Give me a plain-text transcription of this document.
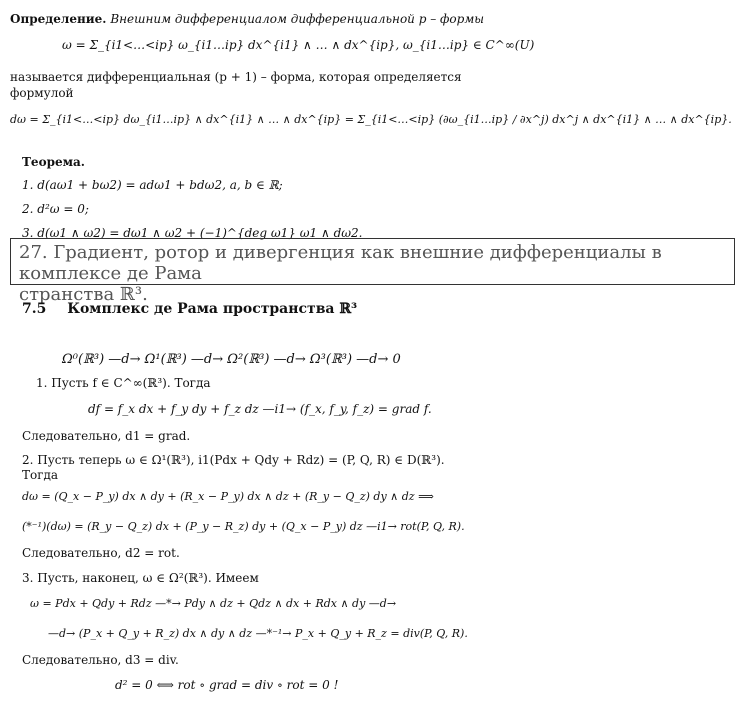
Определение. Внешним дифференциалом дифференциальной p – формы
ω = Σ_{i1<…<ip} ω_{i1…ip} dx^{i1} ∧ … ∧ dx^{ip}, ω_{i1…ip} ∈ C^∞(U)
называется дифференциальная (p + 1) – форма, которая определяется
формулой
dω = Σ_{i1<…<ip} dω_{i1…ip} ∧ dx^{i1} ∧ … ∧ dx^{ip} = Σ_{i1<…<ip} (∂ω_{i1…ip} / ∂x^j) dx^j ∧ dx^{i1} ∧ … ∧ dx^{ip}.
Теорема.
1. d(aω1 + bω2) = adω1 + bdω2, a, b ∈ ℝ;
2. d²ω = 0;
3. d(ω1 ∧ ω2) = dω1 ∧ ω2 + (−1)^{deg ω1} ω1 ∧ dω2.
27. Градиент, ротор и дивергенция как внешние дифференциалы в комплексе де Рама
странства ℝ³.
7.5 Комплекс де Рама пространства ℝ³
Ω⁰(ℝ³) —d→ Ω¹(ℝ³) —d→ Ω²(ℝ³) —d→ Ω³(ℝ³) —d→ 0
1. Пусть f ∈ C^∞(ℝ³). Тогда
df = f_x dx + f_y dy + f_z dz —i1→ (f_x, f_y, f_z) = grad f.
Следовательно, d1 = grad.
2. Пусть теперь ω ∈ Ω¹(ℝ³), i1(Pdx + Qdy + Rdz) = (P, Q, R) ∈ D(ℝ³).
Тогда
dω = (Q_x − P_y) dx ∧ dy + (R_x − P_y) dx ∧ dz + (R_y − Q_z) dy ∧ dz ⟹
(*⁻¹)(dω) = (R_y − Q_z) dx + (P_y − R_z) dy + (Q_x − P_y) dz —i1→ rot(P, Q, R).
Следовательно, d2 = rot.
3. Пусть, наконец, ω ∈ Ω²(ℝ³). Имеем
ω = Pdx + Qdy + Rdz —*→ Pdy ∧ dz + Qdz ∧ dx + Rdx ∧ dy —d→
—d→ (P_x + Q_y + R_z) dx ∧ dy ∧ dz —*⁻¹→ P_x + Q_y + R_z = div(P, Q, R).
Следовательно, d3 = div.
d² = 0 ⟺ rot ∘ grad = div ∘ rot = 0 !
